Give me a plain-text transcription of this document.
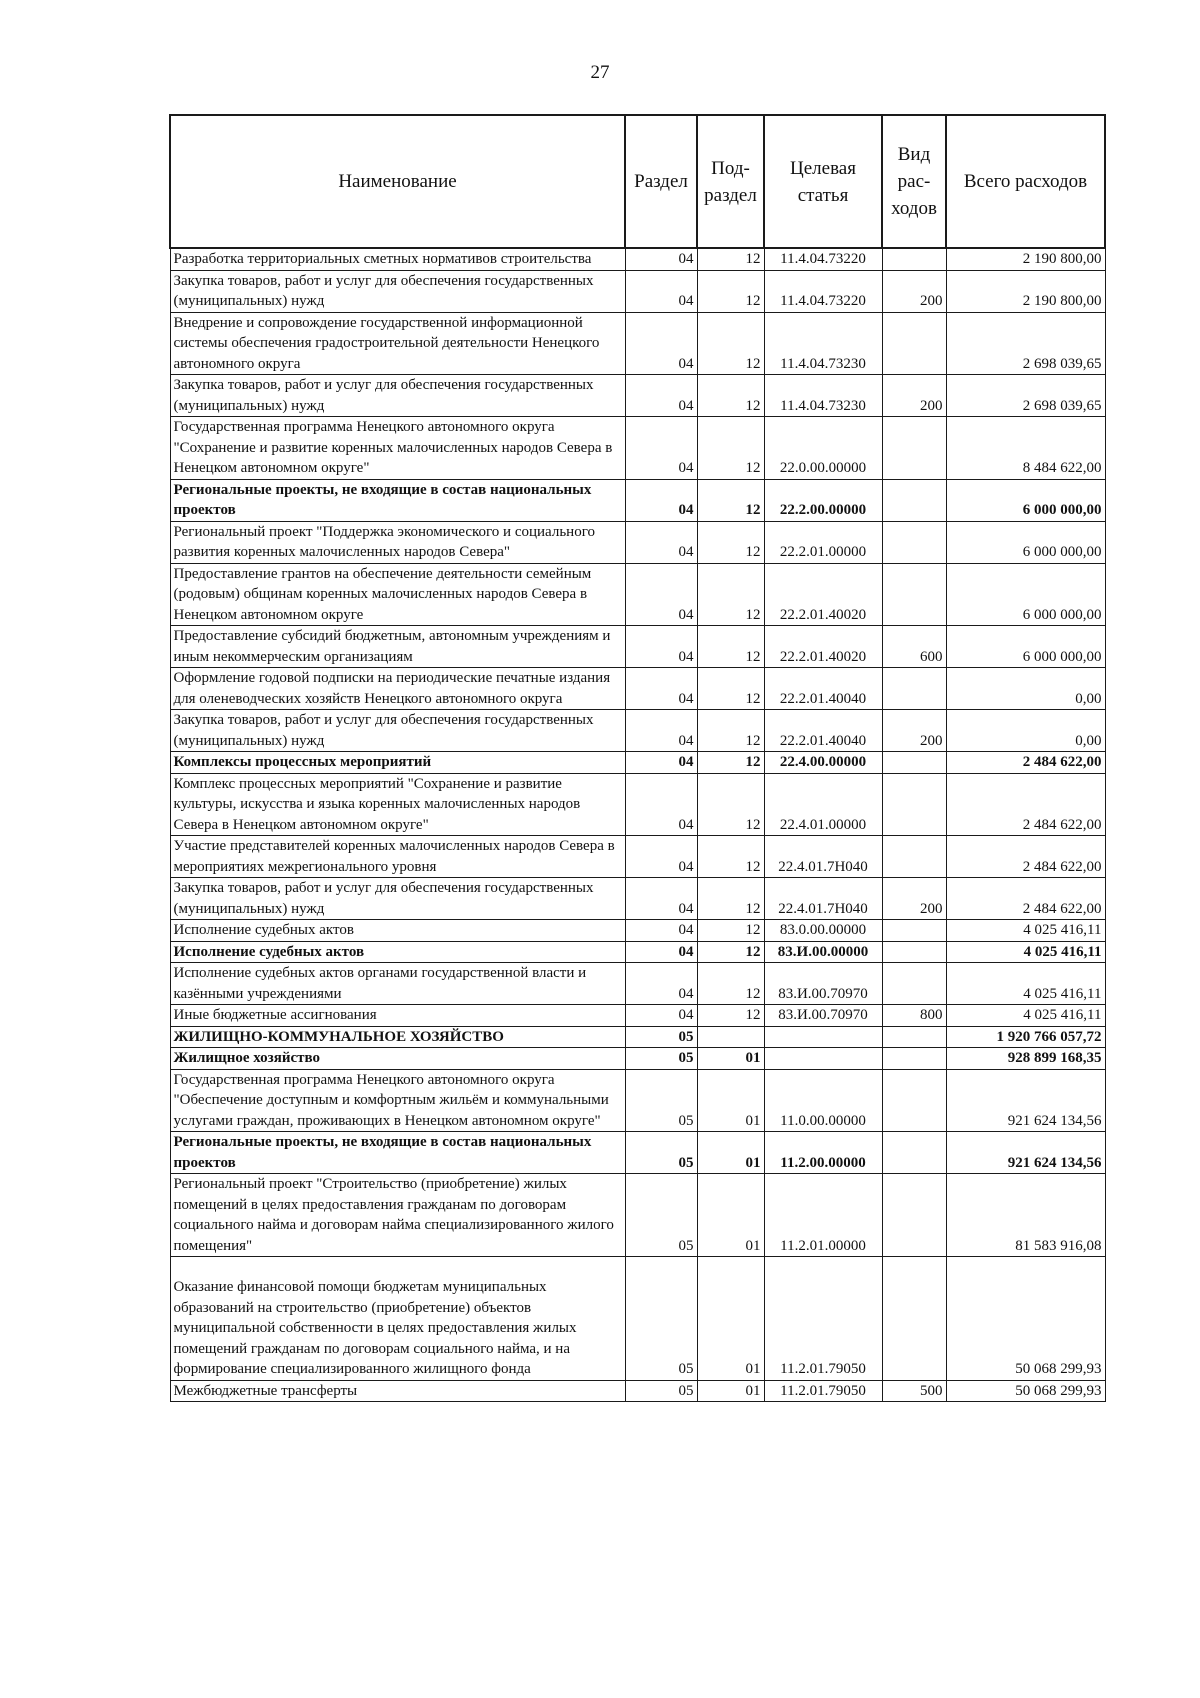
27
Наименование	Раздел	Под-раздел	Целевая статья	Вид рас-ходов	Всего расходов
Разработка территориальных сметных нормативов строительства	04	12	11.4.04.73220		2 190 800,00
Закупка товаров, работ и услуг для обеспечения государственных (муниципальных) нужд	04	12	11.4.04.73220	200	2 190 800,00
Внедрение и сопровождение государственной информационной системы обеспечения градостроительной деятельности Ненецкого автономного округа	04	12	11.4.04.73230		2 698 039,65
Закупка товаров, работ и услуг для обеспечения государственных (муниципальных) нужд	04	12	11.4.04.73230	200	2 698 039,65
Государственная программа Ненецкого автономного округа "Сохранение и развитие коренных малочисленных народов Севера в Ненецком автономном округе"	04	12	22.0.00.00000		8 484 622,00
Региональные проекты, не входящие в состав национальных проектов	04	12	22.2.00.00000		6 000 000,00
Региональный проект "Поддержка экономического и социального развития коренных малочисленных народов Севера"	04	12	22.2.01.00000		6 000 000,00
Предоставление грантов на обеспечение деятельности семейным (родовым) общинам коренных малочисленных народов Севера в Ненецком автономном округе	04	12	22.2.01.40020		6 000 000,00
Предоставление субсидий бюджетным, автономным учреждениям и иным некоммерческим организациям	04	12	22.2.01.40020	600	6 000 000,00
Оформление годовой подписки на периодические печатные издания для оленеводческих хозяйств Ненецкого автономного округа	04	12	22.2.01.40040		0,00
Закупка товаров, работ и услуг для обеспечения государственных (муниципальных) нужд	04	12	22.2.01.40040	200	0,00
Комплексы процессных мероприятий	04	12	22.4.00.00000		2 484 622,00
Комплекс процессных мероприятий "Сохранение и развитие культуры, искусства и языка коренных малочисленных народов Севера в Ненецком автономном округе"	04	12	22.4.01.00000		2 484 622,00
Участие представителей коренных малочисленных народов Севера в мероприятиях межрегионального уровня	04	12	22.4.01.7Н040		2 484 622,00
Закупка товаров, работ и услуг для обеспечения государственных (муниципальных) нужд	04	12	22.4.01.7Н040	200	2 484 622,00
Исполнение судебных актов	04	12	83.0.00.00000		4 025 416,11
Исполнение судебных актов	04	12	83.И.00.00000		4 025 416,11
Исполнение судебных актов органами государственной власти и казёнными учреждениями	04	12	83.И.00.70970		4 025 416,11
Иные бюджетные ассигнования	04	12	83.И.00.70970	800	4 025 416,11
ЖИЛИЩНО-КОММУНАЛЬНОЕ ХОЗЯЙСТВО	05				1 920 766 057,72
Жилищное хозяйство	05	01			928 899 168,35
Государственная программа Ненецкого автономного округа "Обеспечение доступным и комфортным жильём и коммунальными услугами граждан, проживающих в Ненецком автономном округе"	05	01	11.0.00.00000		921 624 134,56
Региональные проекты, не входящие в состав национальных проектов	05	01	11.2.00.00000		921 624 134,56
Региональный проект "Строительство (приобретение) жилых помещений в целях предоставления гражданам по договорам социального найма и договорам найма специализированного жилого помещения"	05	01	11.2.01.00000		81 583 916,08
Оказание финансовой помощи бюджетам муниципальных образований на строительство (приобретение) объектов муниципальной собственности в целях предоставления жилых помещений гражданам по договорам социального найма, и на формирование специализированного жилищного фонда	05	01	11.2.01.79050		50 068 299,93
Межбюджетные трансферты	05	01	11.2.01.79050	500	50 068 299,93
